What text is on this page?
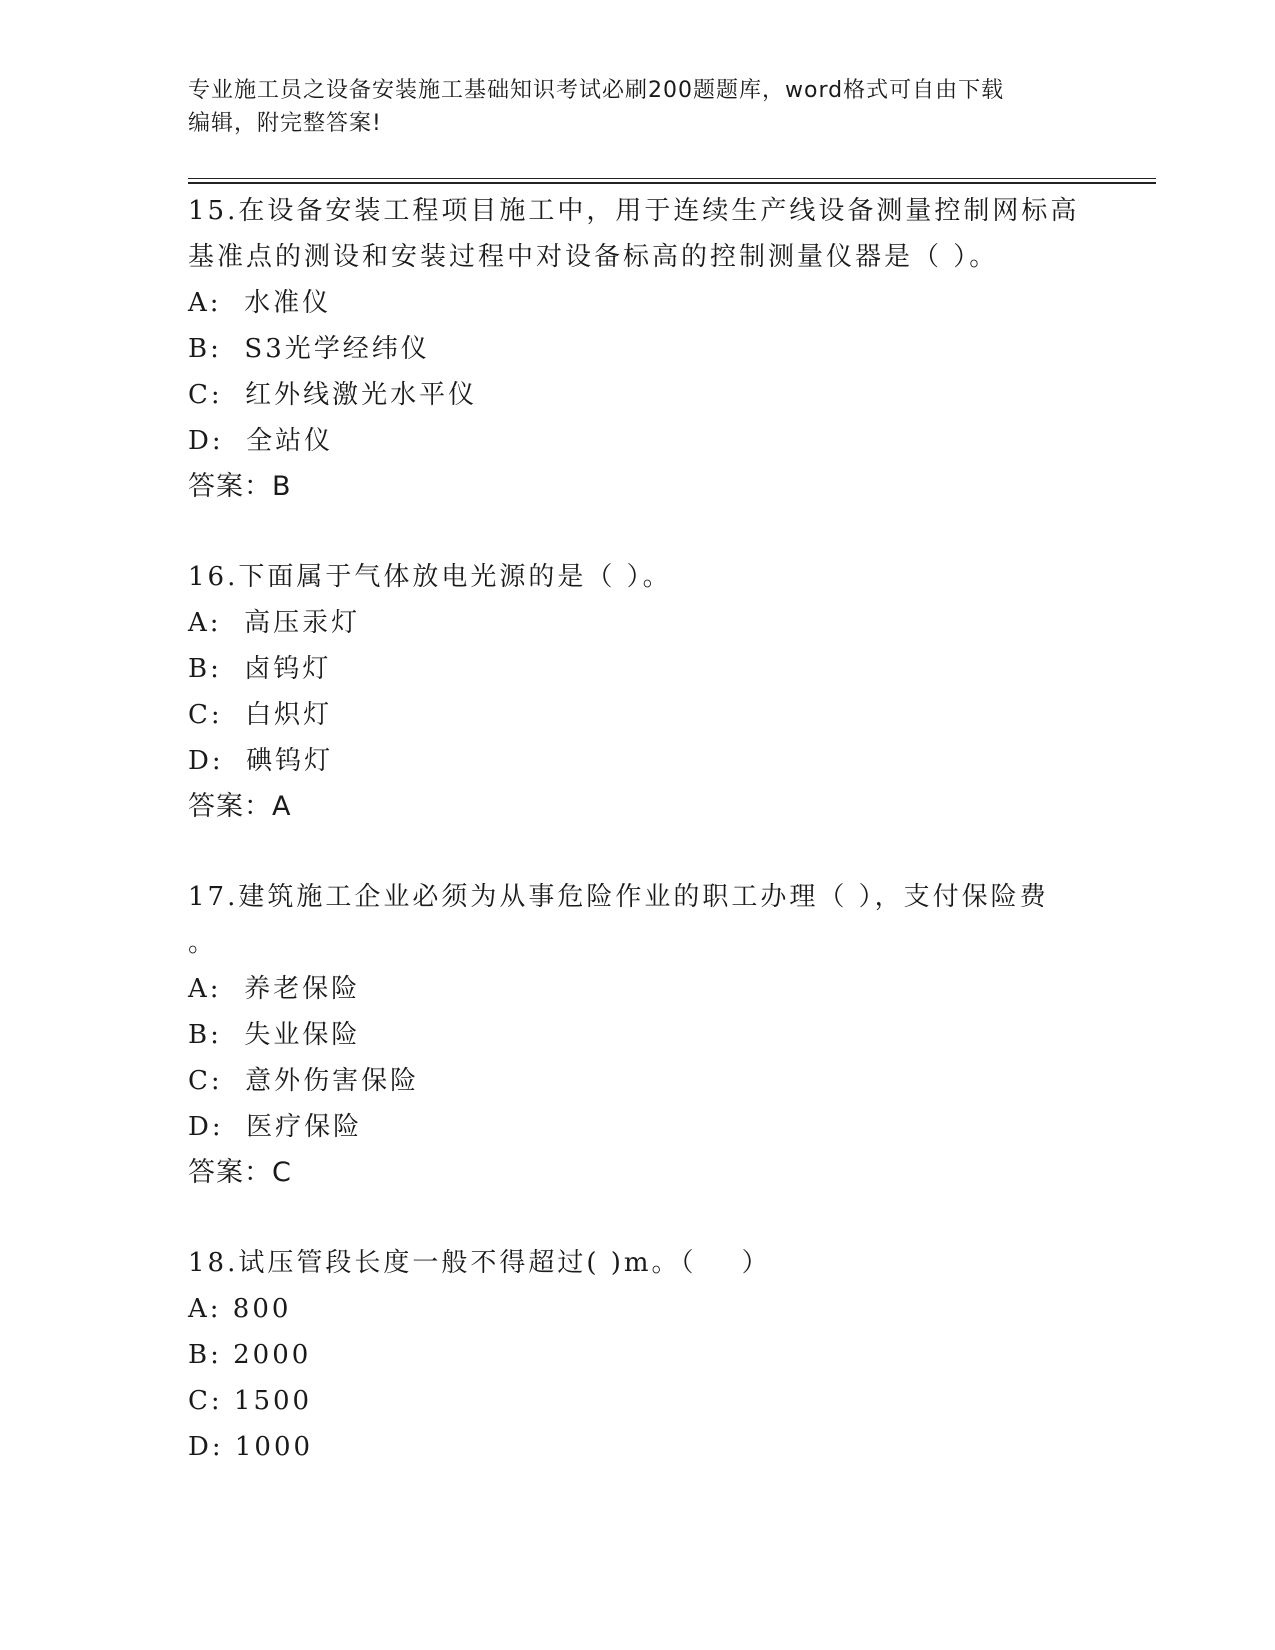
专业施工员之设备安装施工基础知识考试必刷200题题库，word格式可自由下载
编辑，附完整答案!

15.在设备安装工程项目施工中，用于连续生产线设备测量控制网标高

基准点的测设和安装过程中对设备标高的控制测量仪器是（ ）。

A:  水准仪

B:  S3光学经纬仪

C:  红外线激光水平仪

D:  全站仪

答案：B

16.下面属于气体放电光源的是（ ）。

A:  高压汞灯

B:  卤钨灯

C:  白炽灯

D:  碘钨灯

答案：A

17.建筑施工企业必须为从事危险作业的职工办理（ ），支付保险费

。

A:  养老保险

B:  失业保险

C:  意外伤害保险

D:  医疗保险

答案：C

18.试压管段长度一般不得超过( )m。（    ）

A: 800

B: 2000

C: 1500

D: 1000
